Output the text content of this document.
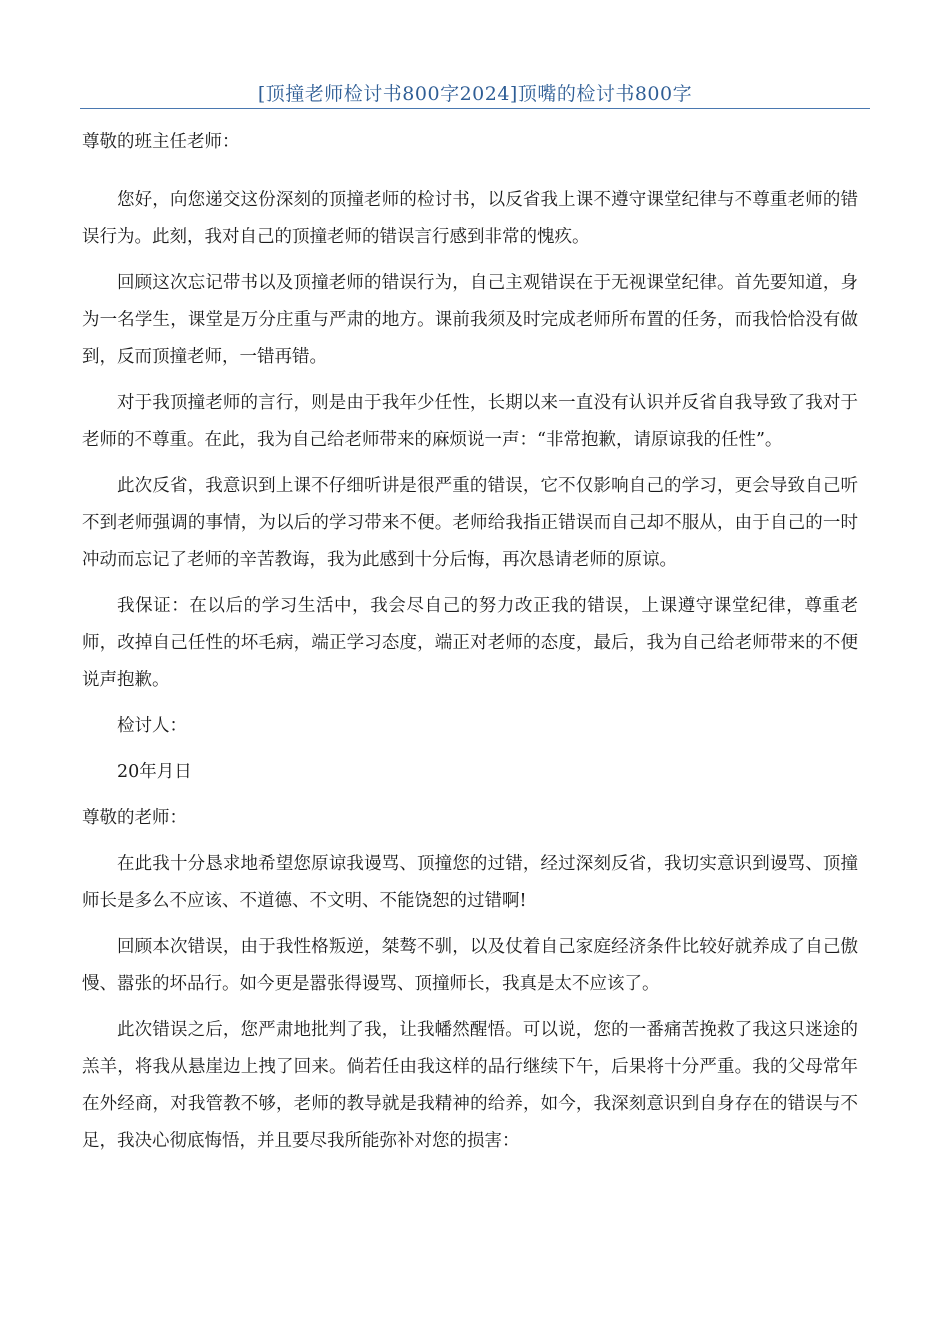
[顶撞老师检讨书800字2024]顶嘴的检讨书800字

尊敬的班主任老师：

您好，向您递交这份深刻的顶撞老师的检讨书，以反省我上课不遵守课堂纪律与不尊重老师的错误行为。此刻，我对自己的顶撞老师的错误言行感到非常的愧疚。

回顾这次忘记带书以及顶撞老师的错误行为，自己主观错误在于无视课堂纪律。首先要知道，身为一名学生，课堂是万分庄重与严肃的地方。课前我须及时完成老师所布置的任务，而我恰恰没有做到，反而顶撞老师，一错再错。

对于我顶撞老师的言行，则是由于我年少任性，长期以来一直没有认识并反省自我导致了我对于老师的不尊重。在此，我为自己给老师带来的麻烦说一声：“非常抱歉，请原谅我的任性”。

此次反省，我意识到上课不仔细听讲是很严重的错误，它不仅影响自己的学习，更会导致自己听不到老师强调的事情，为以后的学习带来不便。老师给我指正错误而自己却不服从，由于自己的一时冲动而忘记了老师的辛苦教诲，我为此感到十分后悔，再次恳请老师的原谅。

我保证：在以后的学习生活中，我会尽自己的努力改正我的错误，上课遵守课堂纪律，尊重老师，改掉自己任性的坏毛病，端正学习态度，端正对老师的态度，最后，我为自己给老师带来的不便说声抱歉。

检讨人：

20年月日

尊敬的老师：

在此我十分恳求地希望您原谅我谩骂、顶撞您的过错，经过深刻反省，我切实意识到谩骂、顶撞师长是多么不应该、不道德、不文明、不能饶恕的过错啊!

回顾本次错误，由于我性格叛逆，桀骜不驯，以及仗着自己家庭经济条件比较好就养成了自己傲慢、嚣张的坏品行。如今更是嚣张得谩骂、顶撞师长，我真是太不应该了。

此次错误之后，您严肃地批判了我，让我幡然醒悟。可以说，您的一番痛苦挽救了我这只迷途的羔羊，将我从悬崖边上拽了回来。倘若任由我这样的品行继续下午，后果将十分严重。我的父母常年在外经商，对我管教不够，老师的教导就是我精神的给养，如今，我深刻意识到自身存在的错误与不足，我决心彻底悔悟，并且要尽我所能弥补对您的损害：
